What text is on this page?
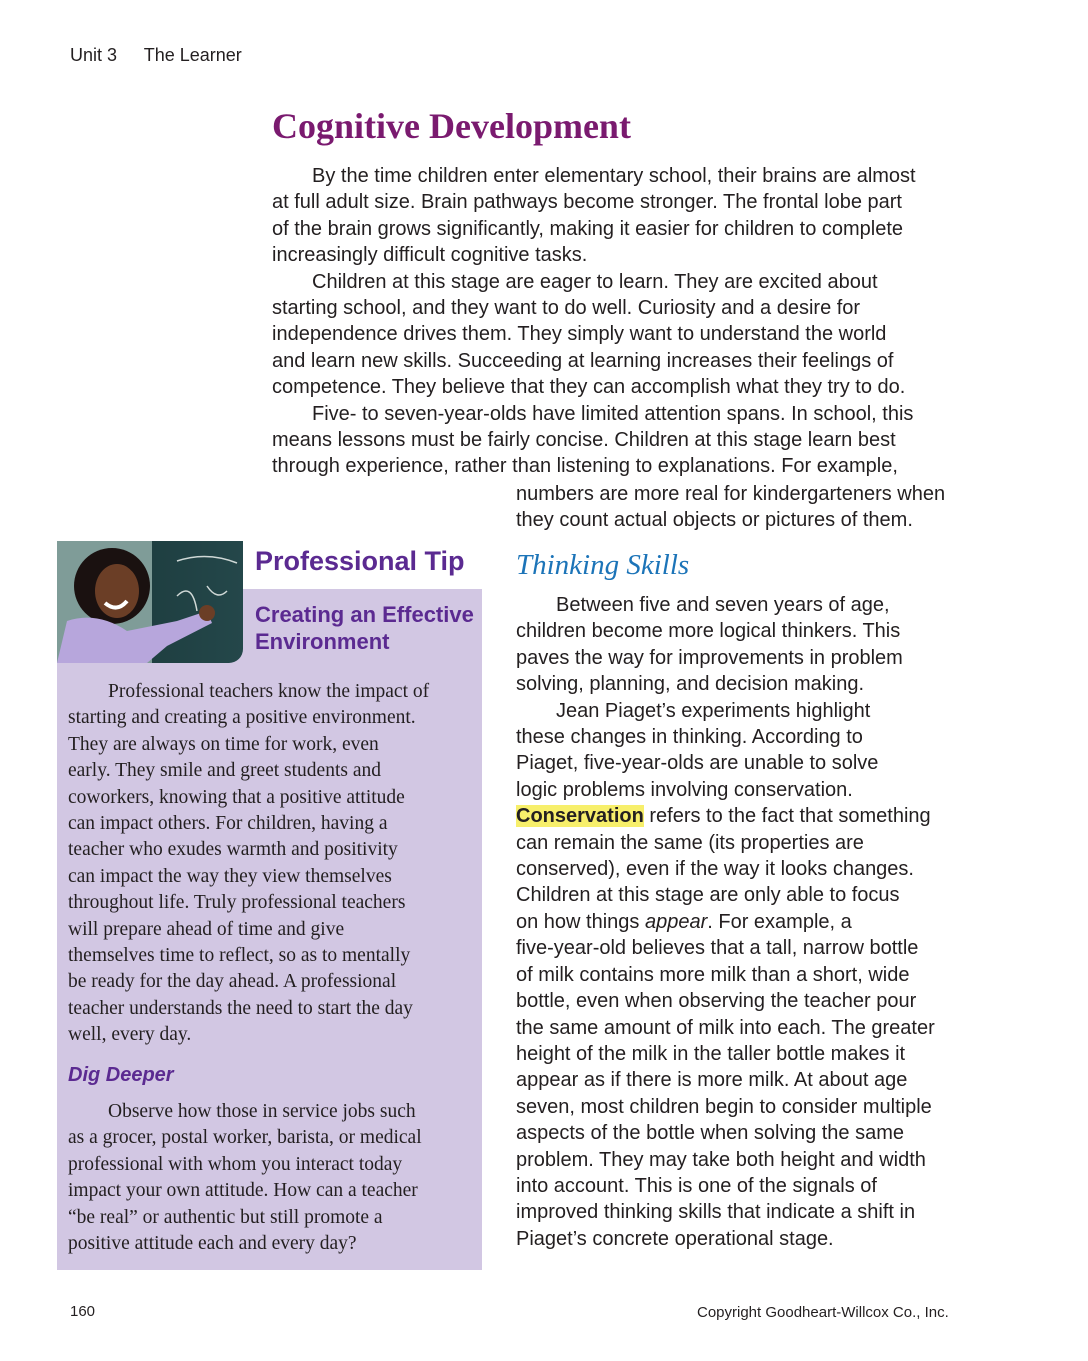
Unit 3 The Learner
Cognitive Development
By the time children enter elementary school, their brains are almost
at full adult size. Brain pathways become stronger. The frontal lobe part
of the brain grows significantly, making it easier for children to complete
increasingly difficult cognitive tasks.
Children at this stage are eager to learn. They are excited about
starting school, and they want to do well. Curiosity and a desire for
independence drives them. They simply want to understand the world
and learn new skills. Succeeding at learning increases their feelings of
competence. They believe that they can accomplish what they try to do.
Five- to seven-year-olds have limited attention spans. In school, this
means lessons must be fairly concise. Children at this stage learn best
through experience, rather than listening to explanations. For example,
numbers are more real for kindergarteners when
they count actual objects or pictures of them.
Thinking Skills
Between five and seven years of age,
children become more logical thinkers. This
paves the way for improvements in problem
solving, planning, and decision making.
Jean Piaget’s experiments highlight
these changes in thinking. According to
Piaget, five-year-olds are unable to solve
logic problems involving conservation.
Conservation refers to the fact that something
can remain the same (its properties are
conserved), even if the way it looks changes.
Children at this stage are only able to focus
on how things appear. For example, a
five-year-old believes that a tall, narrow bottle
of milk contains more milk than a short, wide
bottle, even when observing the teacher pour
the same amount of milk into each. The greater
height of the milk in the taller bottle makes it
appear as if there is more milk. At about age
seven, most children begin to consider multiple
aspects of the bottle when solving the same
problem. They may take both height and width
into account. This is one of the signals of
improved thinking skills that indicate a shift in
Piaget’s concrete operational stage.
Professional Tip
Creating an Effective
Environment
Professional teachers know the impact of
starting and creating a positive environment.
They are always on time for work, even
early. They smile and greet students and
coworkers, knowing that a positive attitude
can impact others. For children, having a
teacher who exudes warmth and positivity
can impact the way they view themselves
throughout life. Truly professional teachers
will prepare ahead of time and give
themselves time to reflect, so as to mentally
be ready for the day ahead. A professional
teacher understands the need to start the day
well, every day.
Dig Deeper
Observe how those in service jobs such
as a grocer, postal worker, barista, or medical
professional with whom you interact today
impact your own attitude. How can a teacher
“be real” or authentic but still promote a
positive attitude each and every day?
160	Copyright Goodheart-Willcox Co., Inc.
